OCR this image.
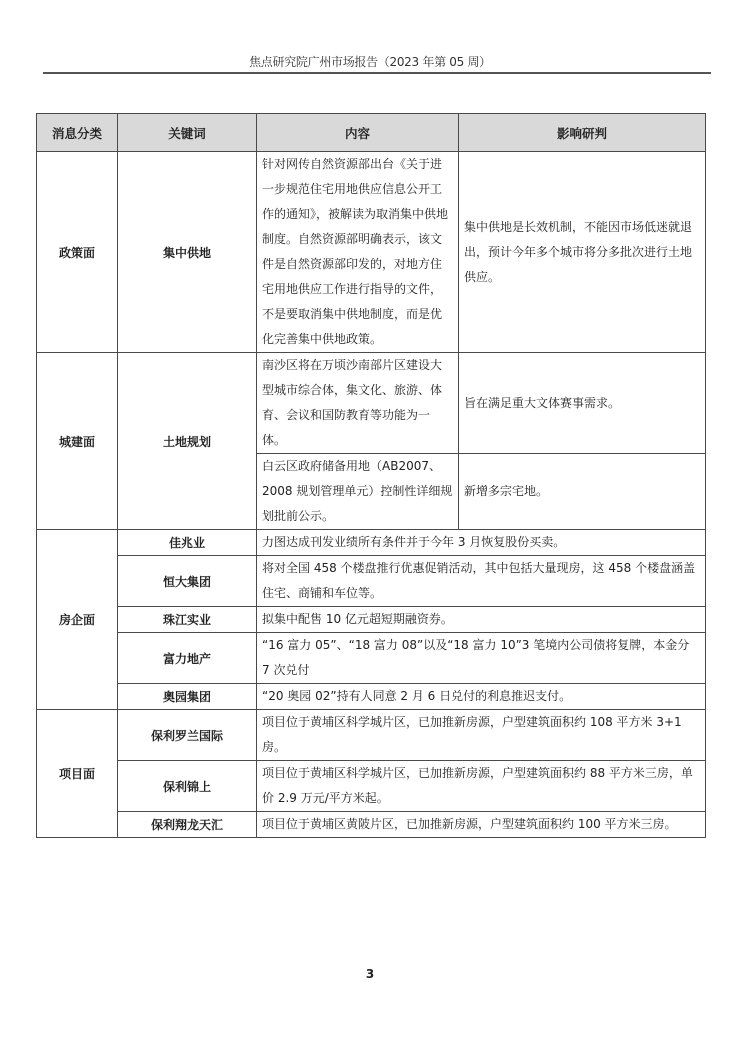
焦点研究院广州市场报告（2023 年第 05 周）
消息分类	关键词	内容	影响研判
政策面	集中供地	针对网传自然资源部出台《关于进一步规范住宅用地供应信息公开工作的通知》，被解读为取消集中供地制度。自然资源部明确表示，该文件是自然资源部印发的，对地方住宅用地供应工作进行指导的文件，不是要取消集中供地制度，而是优化完善集中供地政策。	集中供地是长效机制，不能因市场低迷就退出，预计今年多个城市将分多批次进行土地供应。
城建面	土地规划	南沙区将在万顷沙南部片区建设大型城市综合体，集文化、旅游、体育、会议和国防教育等功能为一体。	旨在满足重大文体赛事需求。
		白云区政府储备用地（AB2007、2008 规划管理单元）控制性详细规划批前公示。	新增多宗宅地。
房企面	佳兆业	力图达成刊发业绩所有条件并于今年 3 月恢复股份买卖。	
	恒大集团	将对全国 458 个楼盘推行优惠促销活动，其中包括大量现房，这 458 个楼盘涵盖住宅、商铺和车位等。	
	珠江实业	拟集中配售 10 亿元超短期融资券。	
	富力地产	“16 富力 05”、“18 富力 08”以及“18 富力 10”3 笔境内公司债将复牌，本金分 7 次兑付	
	奥园集团	“20 奥园 02”持有人同意 2 月 6 日兑付的利息推迟支付。	
项目面	保利罗兰国际	项目位于黄埔区科学城片区，已加推新房源，户型建筑面积约 108 平方米 3+1 房。	
	保利锦上	项目位于黄埔区科学城片区，已加推新房源，户型建筑面积约 88 平方米三房，单价 2.9 万元/平方米起。	
	保利翔龙天汇	项目位于黄埔区黄陂片区，已加推新房源，户型建筑面积约 100 平方米三房。	
3
